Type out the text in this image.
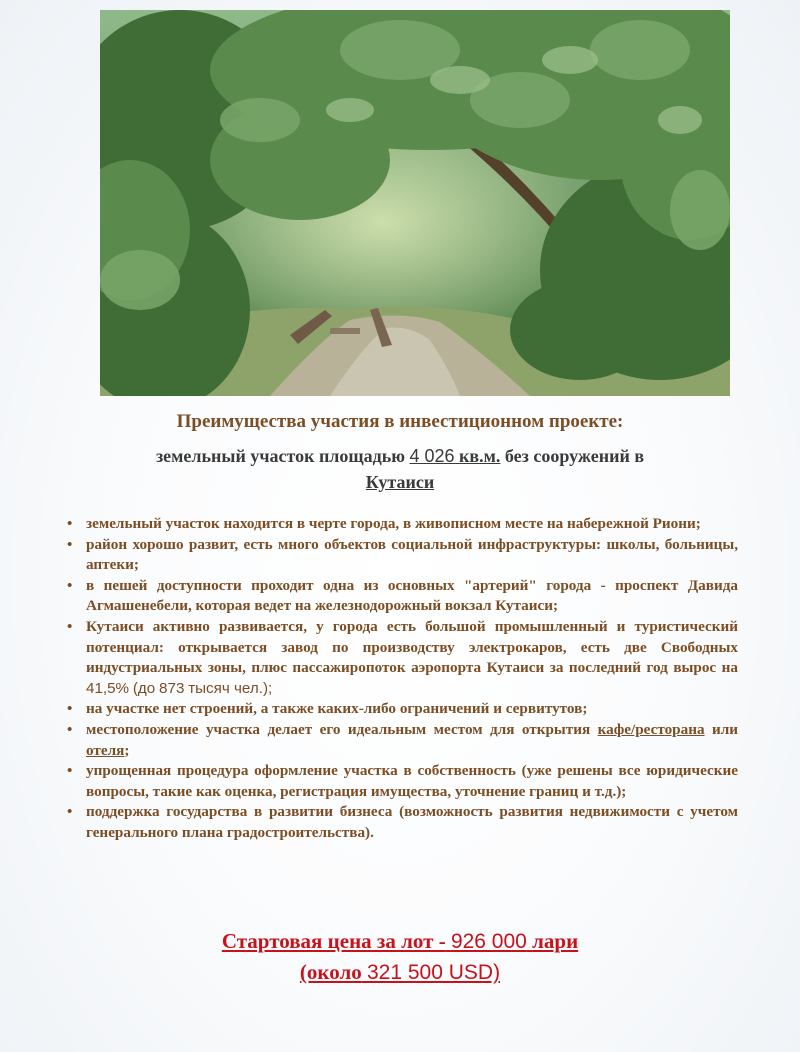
Преимущества участия в инвестиционном проекте:
земельный участок площадью 4 026 кв.м. без сооружений в
Кутаиси
• земельный участок находится в черте города, в живописном месте на набережной Риони;
• район хорошо развит, есть много объектов социальной инфраструктуры: школы, больницы, аптеки;
• в пешей доступности проходит одна из основных "артерий" города - проспект Давида Агмашенебели, которая ведет на железнодорожный вокзал Кутаиси;
• Кутаиси активно развивается, у города есть большой промышленный и туристический потенциал: открывается завод по производству электрокаров, есть две Свободных индустриальных зоны, плюс пассажиропоток аэропорта Кутаиси за последний год вырос на 41,5% (до 873 тысяч чел.);
• на участке нет строений, а также каких-либо ограничений и сервитутов;
• местоположение участка делает его идеальным местом для открытия кафе/ресторана или отеля;
• упрощенная процедура оформление участка в собственность (уже решены все юридические вопросы, такие как оценка, регистрация имущества, уточнение границ и т.д.);
• поддержка государства в развитии бизнеса (возможность развития недвижимости с учетом генерального плана градостроительства).
Стартовая цена за лот - 926 000 лари
(около 321 500 USD)
